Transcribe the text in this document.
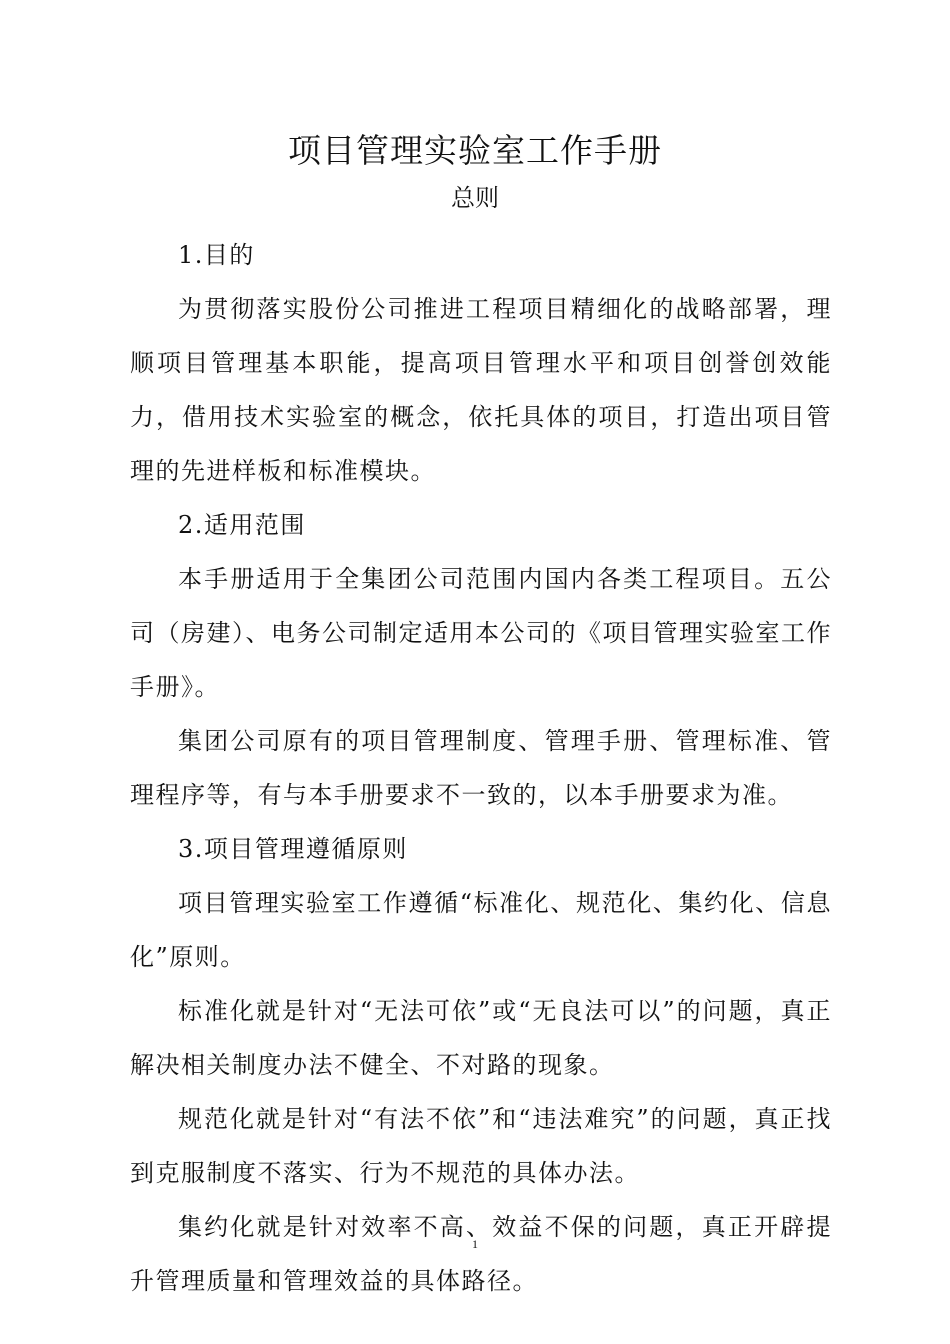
项目管理实验室工作手册
总则

1.目的

为贯彻落实股份公司推进工程项目精细化的战略部署，理顺项目管理基本职能，提高项目管理水平和项目创誉创效能力，借用技术实验室的概念，依托具体的项目，打造出项目管理的先进样板和标准模块。

2.适用范围

本手册适用于全集团公司范围内国内各类工程项目。五公司（房建）、电务公司制定适用本公司的《项目管理实验室工作手册》。

集团公司原有的项目管理制度、管理手册、管理标准、管理程序等，有与本手册要求不一致的，以本手册要求为准。

3.项目管理遵循原则

项目管理实验室工作遵循“标准化、规范化、集约化、信息化”原则。

标准化就是针对“无法可依”或“无良法可以”的问题，真正解决相关制度办法不健全、不对路的现象。

规范化就是针对“有法不依”和“违法难究”的问题，真正找到克服制度不落实、行为不规范的具体办法。

集约化就是针对效率不高、效益不保的问题，真正开辟提升管理质量和管理效益的具体路径。

1
